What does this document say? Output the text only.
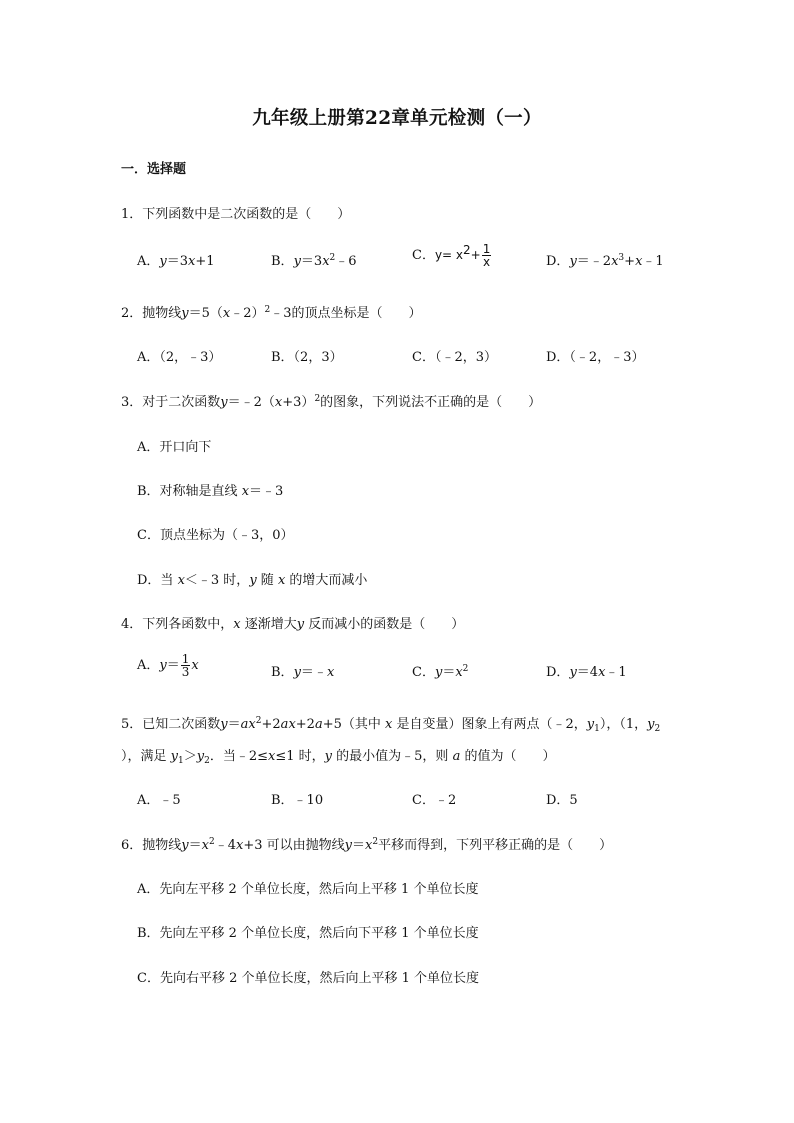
九年级上册第22章单元检测（一）
一．选择题
1．下列函数中是二次函数的是（　　）
A．y＝3x+1	B．$y=3x^2﹣6$	C．$y= x^2+ \frac{1}{x}$	D．$y=﹣2x^3+x﹣1$
2．抛物线y＝5（x﹣2）$^2$﹣3的顶点坐标是（　　）
A．（2，﹣3）	B．（2，3）	C．（﹣2，3）	D．（﹣2，﹣3）
3．对于二次函数$y=﹣2(x+3)^2$的图象，下列说法不正确的是（　　）
A．开口向下
B．对称轴是直线 x＝﹣3
C．顶点坐标为（﹣3，0）
D．当 x＜﹣3 时，y 随 x 的增大而减小
4．下列各函数中，x 逐渐增大y 反而减小的函数是（　　）
A．$y= \frac{1}{3}$ x	B．y＝﹣x	C．$y=x^2$	D．y＝4x﹣1
5．已知二次函数$y=ax^2+2ax+2a+5$（其中 x 是自变量）图象上有两点（﹣2，$y_1$），（1，$y_2$
），满足 $y_1>y_2$．当﹣2≤x≤1 时，y 的最小值为﹣5，则 a 的值为（　　）
A．﹣5	B．﹣10	C．﹣2	D．5
6．抛物线$y=x^2﹣4x+3$ 可以由抛物线$y=x^2$平移而得到，下列平移正确的是（　　）
A．先向左平移 2 个单位长度，然后向上平移 1 个单位长度
B．先向左平移 2 个单位长度，然后向下平移 1 个单位长度
C．先向右平移 2 个单位长度，然后向上平移 1 个单位长度
